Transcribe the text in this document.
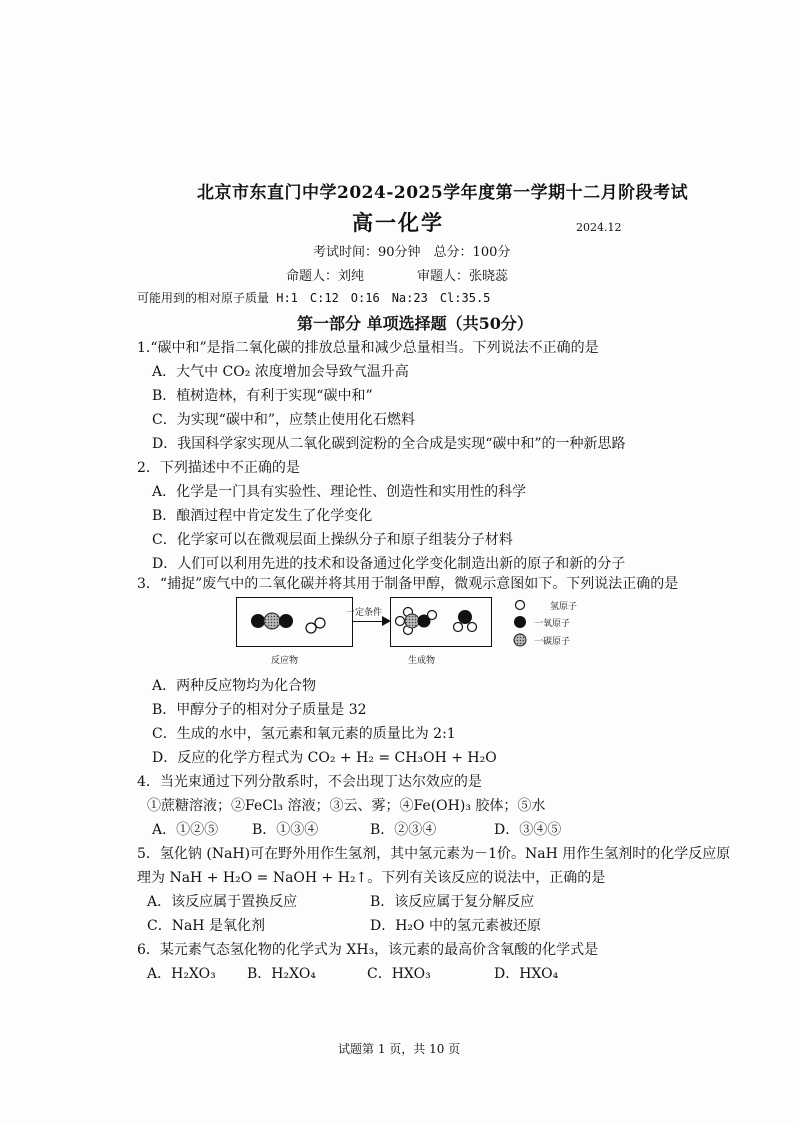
北京市东直门中学2024-2025学年度第一学期十二月阶段考试
高一化学	2024.12
考试时间：90分钟　总分：100分
命题人：刘纯	审题人：张晓蕊
可能用到的相对原子质量 H:1　C:12　O:16　Na:23　Cl:35.5
第一部分 单项选择题（共50分）
1.“碳中和”是指二氧化碳的排放总量和减少总量相当。下列说法不正确的是
A．大气中 CO₂ 浓度增加会导致气温升高
B．植树造林，有利于实现“碳中和”
C．为实现“碳中和”，应禁止使用化石燃料
D．我国科学家实现从二氧化碳到淀粉的全合成是实现“碳中和”的一种新思路
2．下列描述中不正确的是
A．化学是一门具有实验性、理论性、创造性和实用性的科学
B．酿酒过程中肯定发生了化学变化
C．化学家可以在微观层面上操纵分子和原子组装分子材料
D．人们可以利用先进的技术和设备通过化学变化制造出新的原子和新的分子
3．“捕捉”废气中的二氧化碳并将其用于制备甲醇，微观示意图如下。下列说法正确的是
一定条件
氢原子
一氧原子
一碳原子
反应物	生成物
A．两种反应物均为化合物
B．甲醇分子的相对分子质量是 32
C．生成的水中，氢元素和氧元素的质量比为 2:1
D．反应的化学方程式为 CO₂ + H₂ = CH₃OH + H₂O
4．当光束通过下列分散系时，不会出现丁达尔效应的是
①蔗糖溶液；②FeCl₃ 溶液；③云、雾；④Fe(OH)₃ 胶体；⑤水
A．①②⑤ B．①③④	B．②③④	D．③④⑤
5．氢化钠 (NaH)可在野外用作生氢剂，其中氢元素为－1价。NaH 用作生氢剂时的化学反应原
理为 NaH + H₂O = NaOH + H₂↑。下列有关该反应的说法中，正确的是
A．该反应属于置换反应	B．该反应属于复分解反应
C．NaH 是氧化剂	D．H₂O 中的氢元素被还原
6．某元素气态氢化物的化学式为 XH₃，该元素的最高价含氧酸的化学式是
A．H₂XO₃ B．H₂XO₄	C．HXO₃	D．HXO₄
试题第 1 页，共 10 页
